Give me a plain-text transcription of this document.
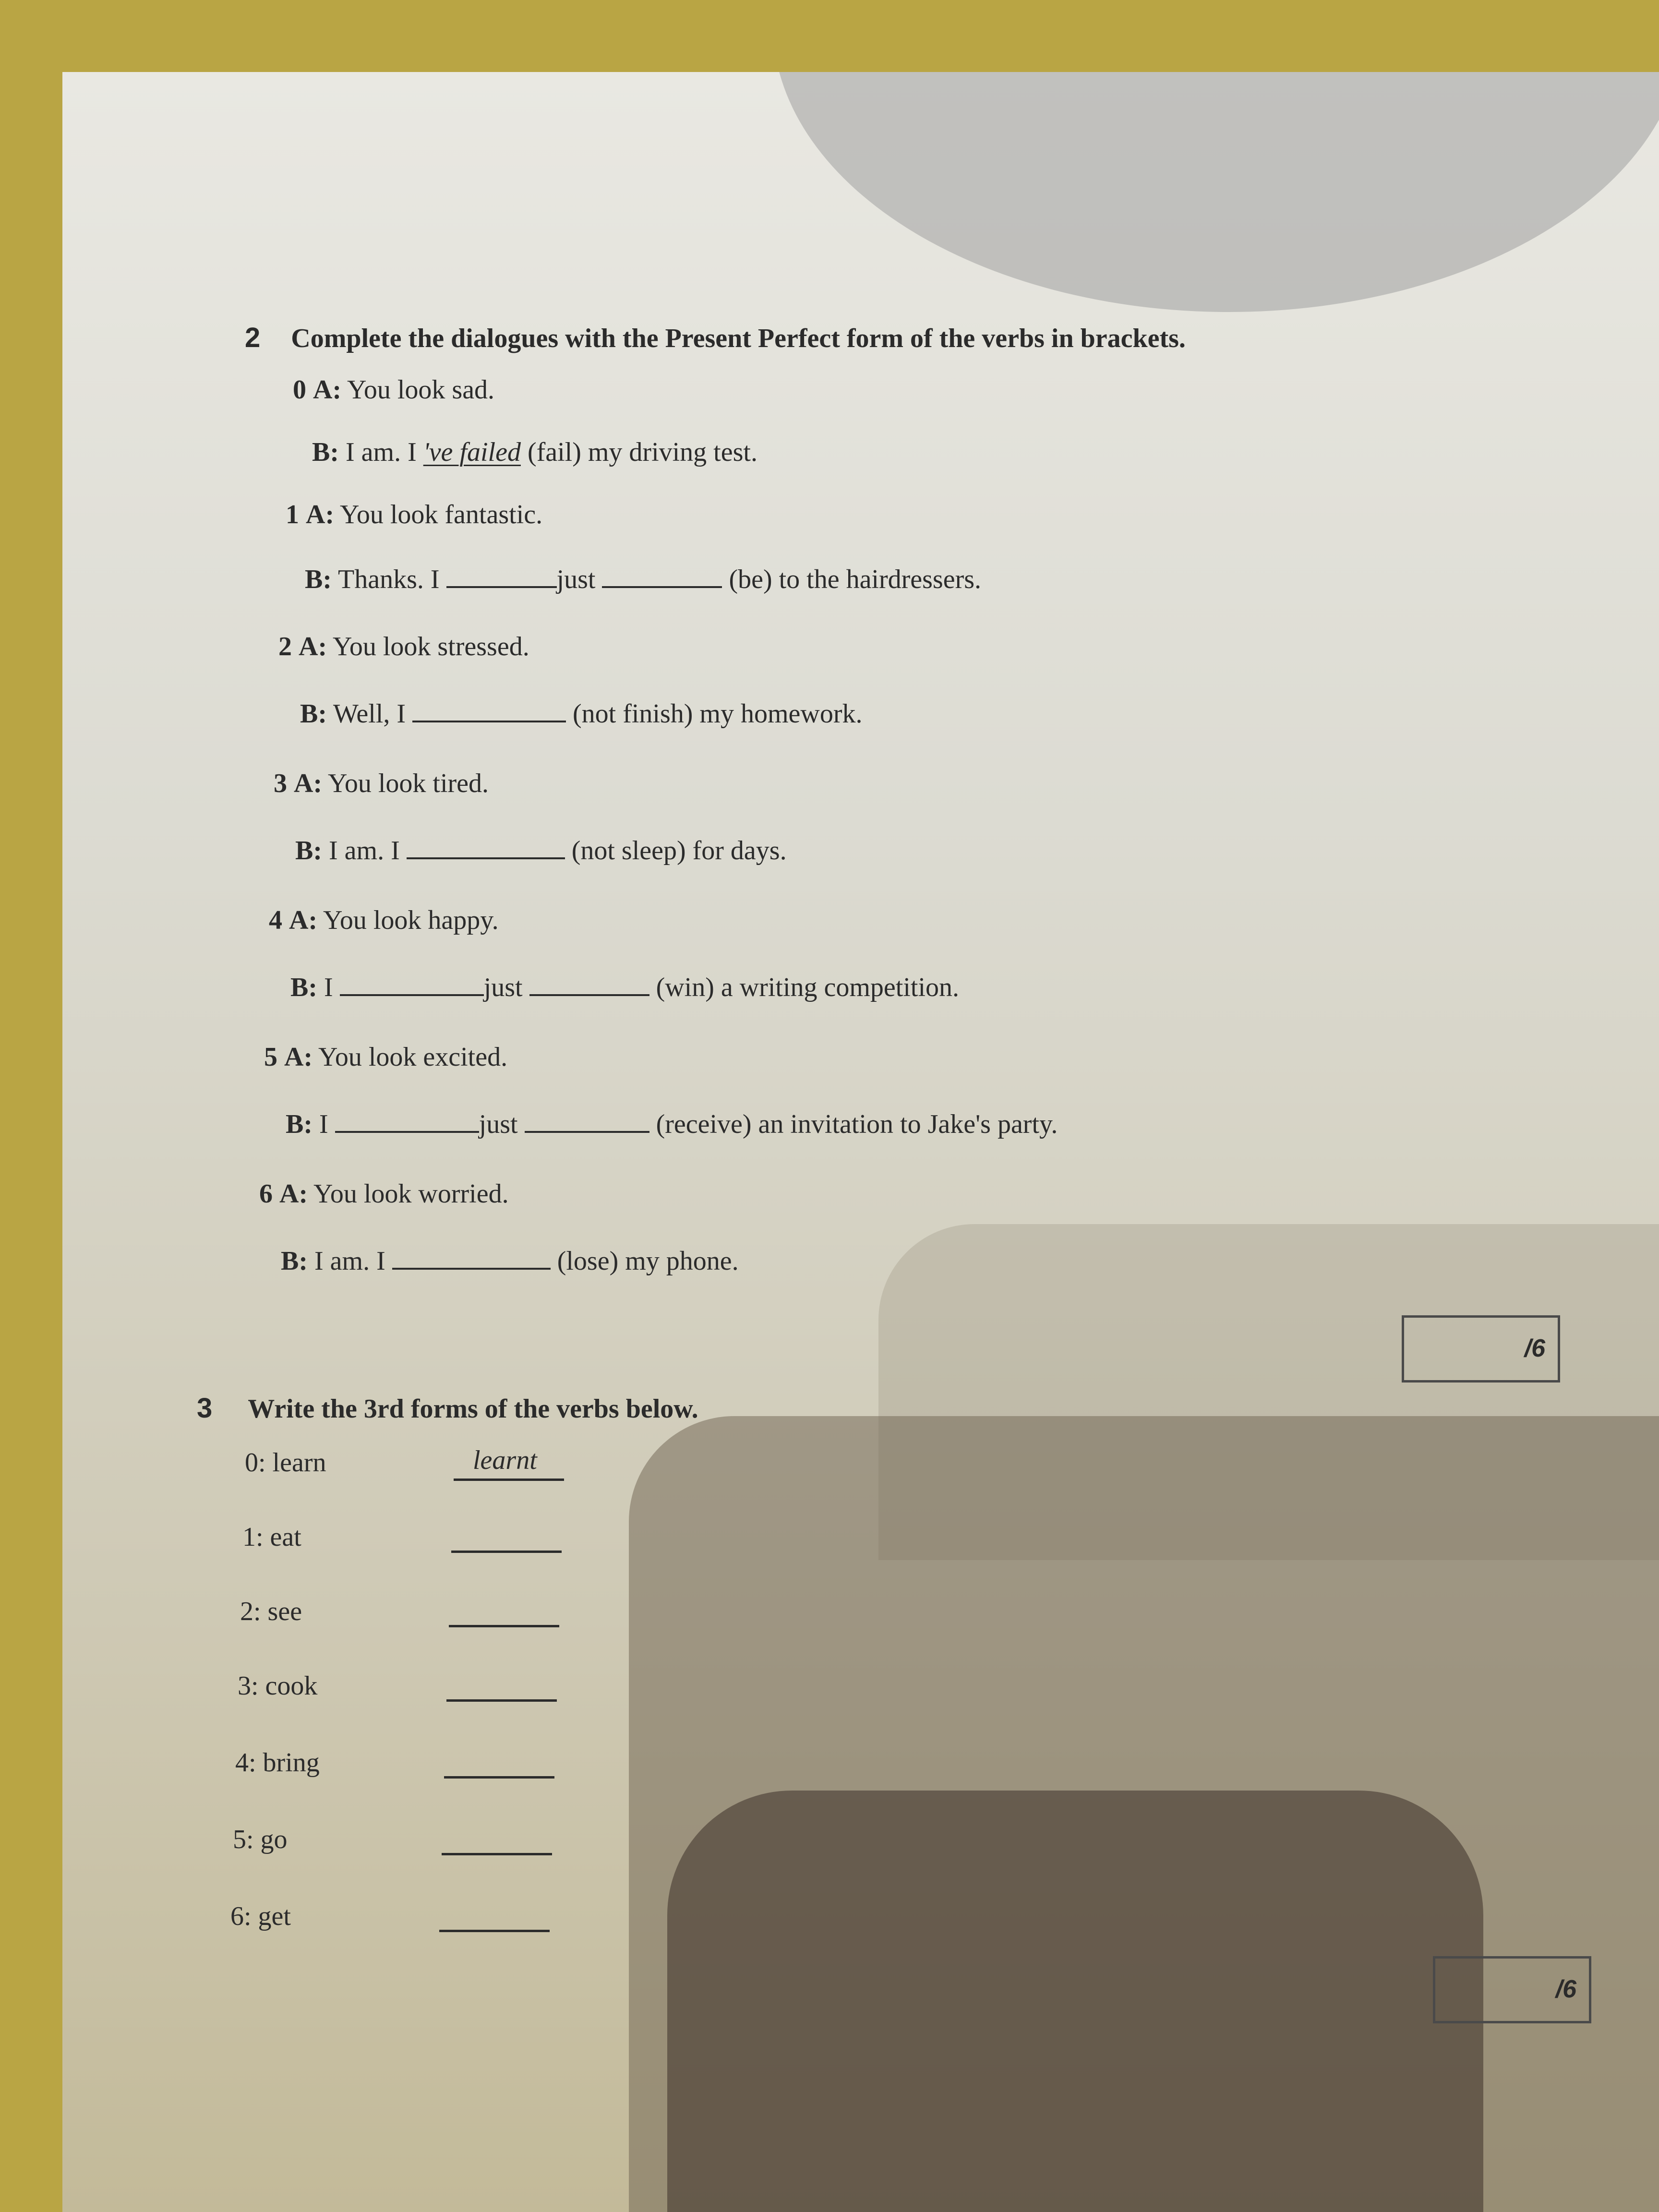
2 Complete the dialogues with the Present Perfect form of the verbs in brackets.
0 A: You look sad.
B: I am. I 've failed (fail) my driving test.
1 A: You look fantastic.
B: Thanks. I	just	(be) to the hairdressers.
2 A: You look stressed.
B: Well, I	(not finish) my homework.
3 A: You look tired.
B: I am. I	(not sleep) for days.
4 A: You look happy.
B: I	just	(win) a writing competition.
5 A: You look excited.
B: I	just	(receive) an invitation to Jake's party.
6 A: You look worried.
B: I am. I	(lose) my phone.
/6
3 Write the 3rd forms of the verbs below.
0: learn	learnt
1: eat
2: see
3: cook
4: bring
5: go
6: get
/6
